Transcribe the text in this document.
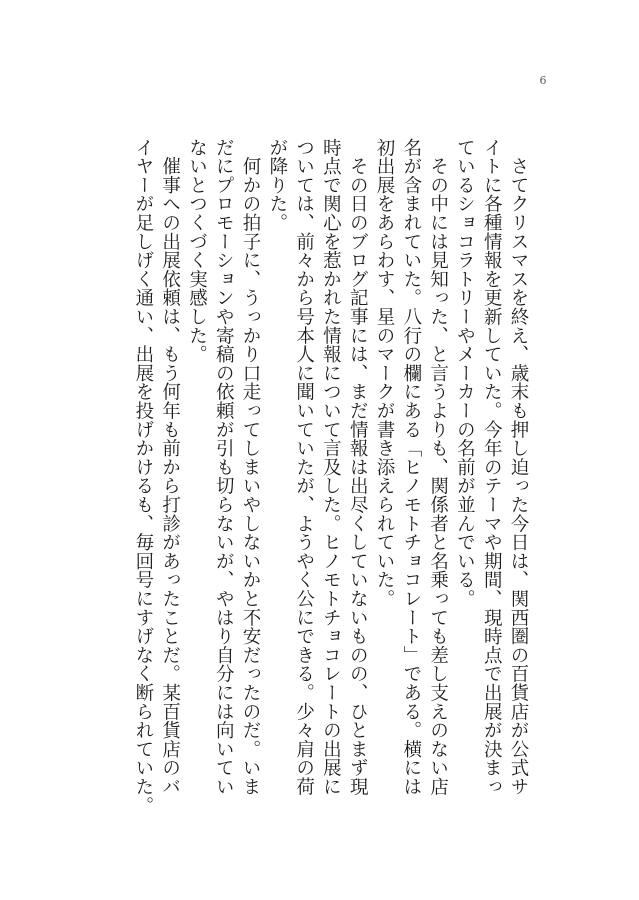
6
　さてクリスマスを終え、歳末も押し迫った今日は、関西圏の百貨店が公式サ
イトに各種情報を更新していた。今年のテーマや期間、現時点で出展が決まっ
ているショコラトリーやメーカーの名前が並んでいる。
　その中には見知った、と言うよりも、関係者と名乗っても差し支えのない店
名が含まれていた。八行の欄にある「ヒノモトチョコレート」である。横には
初出展をあらわす、星のマークが書き添えられていた。
　その日のブログ記事には、まだ情報は出尽くしていないものの、ひとまず現
時点で関心を惹かれた情報について言及した。ヒノモトチョコレートの出展に
ついては、前々から号本人に聞いていたが、ようやく公にできる。少々肩の荷
が降りた。
　何かの拍子に、うっかり口走ってしまいやしないかと不安だったのだ。いま
だにプロモーションや寄稿の依頼が引も切らないが、やはり自分には向いてい
ないとつくづく実感した。
　催事への出展依頼は、もう何年も前から打診があったことだ。某百貨店のバ
イヤーが足しげく通い、出展を投げかけるも、毎回号にすげなく断られていた。
